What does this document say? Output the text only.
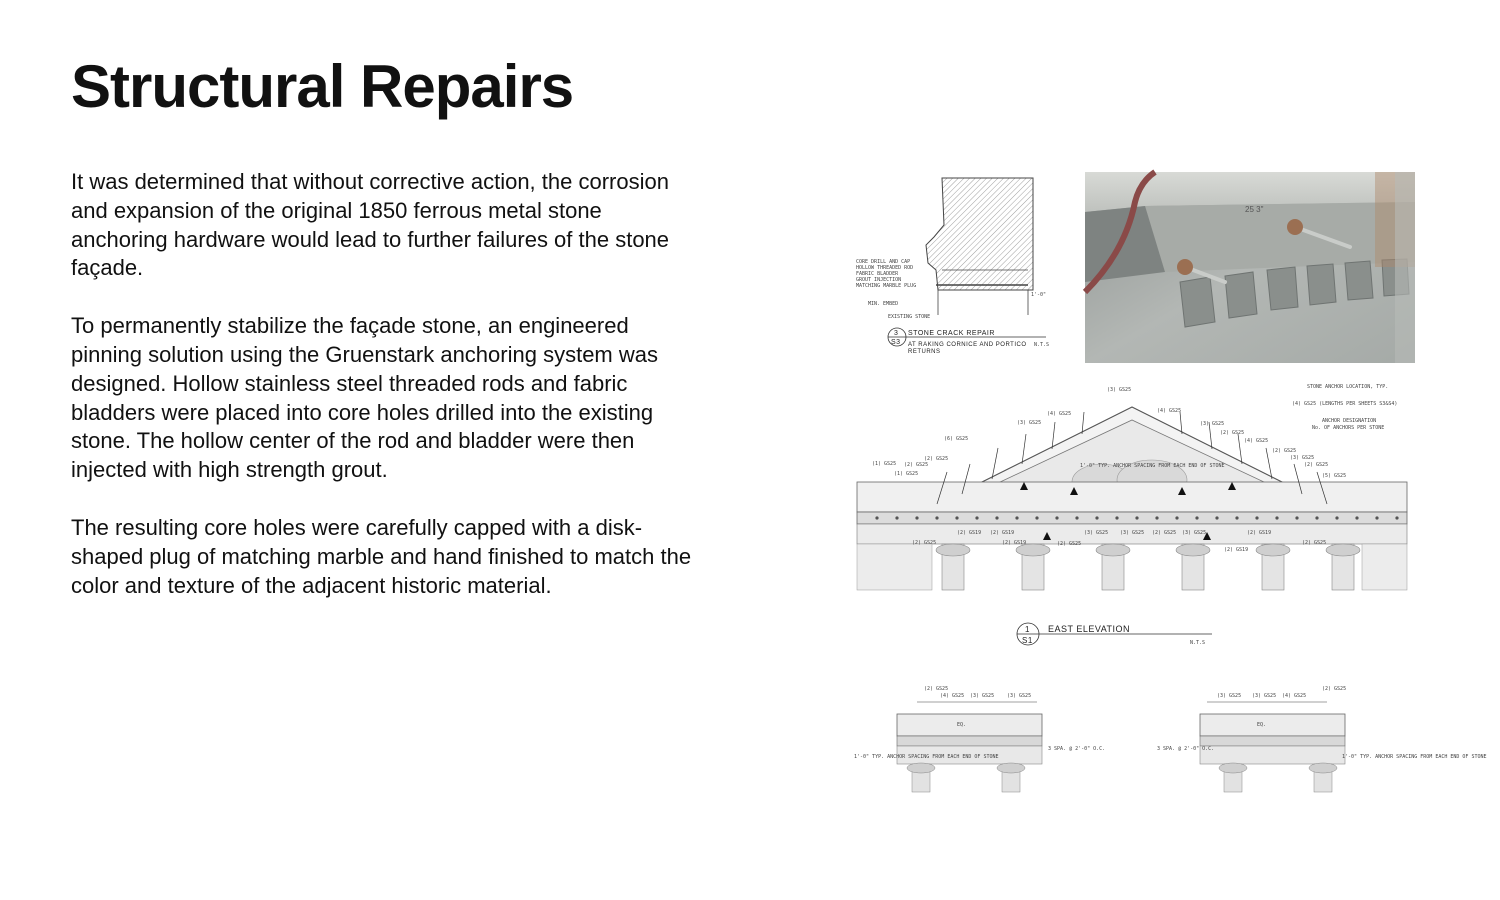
Structural Repairs

It was determined that without corrective action, the corrosion and expansion of the original 1850 ferrous metal stone anchoring hardware would lead to further failures of the stone façade.

To permanently stabilize the façade stone, an engineered pinning solution using the Gruenstark anchoring system was designed. Hollow stainless steel threaded rods and fabric bladders were placed into core holes drilled into the existing stone. The hollow center of the rod and bladder were then injected with high strength grout.

The resulting core holes were carefully capped with a disk- shaped plug of matching marble and hand finished to match the color and texture of the adjacent historic material.

CORE DRILL AND CAP
HOLLOW THREADED ROD
FABRIC BLADDER
GROUT INJECTION
MATCHING MARBLE PLUG
MIN. EMBED
EXISTING STONE
1'-0"
3
S3
STONE CRACK REPAIR
AT RAKING CORNICE AND PORTICO
RETURNS
N.T.S
25 3"
(3) GS25
(1) GS25 (2) GS25
(1) GS25
(2) GS25
(6) GS25
(3) GS25
(4) GS25	(4) GS25
(3) GS25
(2) GS25
(4) GS25
(2) GS25
(3) GS25
(2) GS25
(5) GS25
1'-0" TYP. ANCHOR SPACING FROM EACH END OF STONE
(2) GS25
(2) GS19 (2) GS19
(2) GS19	(2) GS25
(3) GS25 (3) GS25 (2) GS25 (3) GS25
(2) GS19
(2) GS19
(2) GS25
STONE ANCHOR LOCATION, TYP.
(4) GS25 (LENGTHS PER SHEETS S3&S4)
ANCHOR DESIGNATION
No. OF ANCHORS PER STONE
1
S1
EAST ELEVATION
N.T.S
(2) GS25
(4) GS25 (3) GS25	(3) GS25
EQ.
1'-0" TYP. ANCHOR SPACING FROM EACH END OF STONE
3 SPA. @ 2'-0" O.C.
(3) GS25 (3) GS25 (4) GS25
(2) GS25
EQ.
1'-0" TYP. ANCHOR SPACING FROM EACH END OF STONE
3 SPA. @ 2'-0" O.C.
